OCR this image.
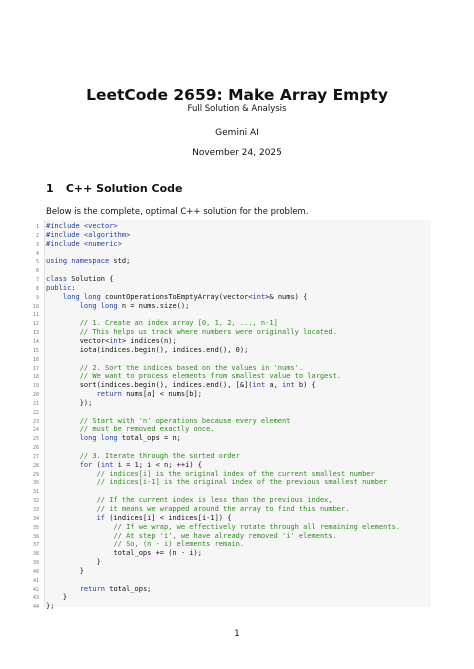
LeetCode 2659: Make Array Empty
Full Solution & Analysis
Gemini AI
November 24, 2025
1 C++ Solution Code
Below is the complete, optimal C++ solution for the problem.
1 #include <vector>
2 #include <algorithm>
3 #include <numeric>
4
5 using namespace std;
6
7 class Solution {
8 public:
9	long long countOperationsToEmptyArray(vector<int>& nums) {
10	long long n = nums.size();
11
12	// 1. Create an index array [0, 1, 2, ..., n-1]
13	// This helps us track where numbers were originally located.
14        vector<int> indices(n);
15        iota(indices.begin(), indices.end(), 0);
16
17	// 2. Sort the indices based on the values in 'nums'.
18	// We want to process elements from smallest value to largest.
19        sort(indices.begin(), indices.end(), [&](int a, int b) {
20	return nums[a] < nums[b];
21        });
22
23	// Start with 'n' operations because every element
24	// must be removed exactly once.
25	long long total_ops = n;
26
27	// 3. Iterate through the sorted order
28	for (int i = 1; i < n; ++i) {
29	// indices[i] is the original index of the current smallest number
30	// indices[i-1] is the original index of the previous smallest number
31
32	// If the current index is less than the previous index,
33	// it means we wrapped around the array to find this number.
34	if (indices[i] < indices[i-1]) {
35	// If we wrap, we effectively rotate through all remaining elements.
36	// At step 'i', we have already removed 'i' elements.
37	// So, (n - i) elements remain.
38                total_ops += (n - i);
39            }
40        }
41
42	return total_ops;
43    }
44 };
1
